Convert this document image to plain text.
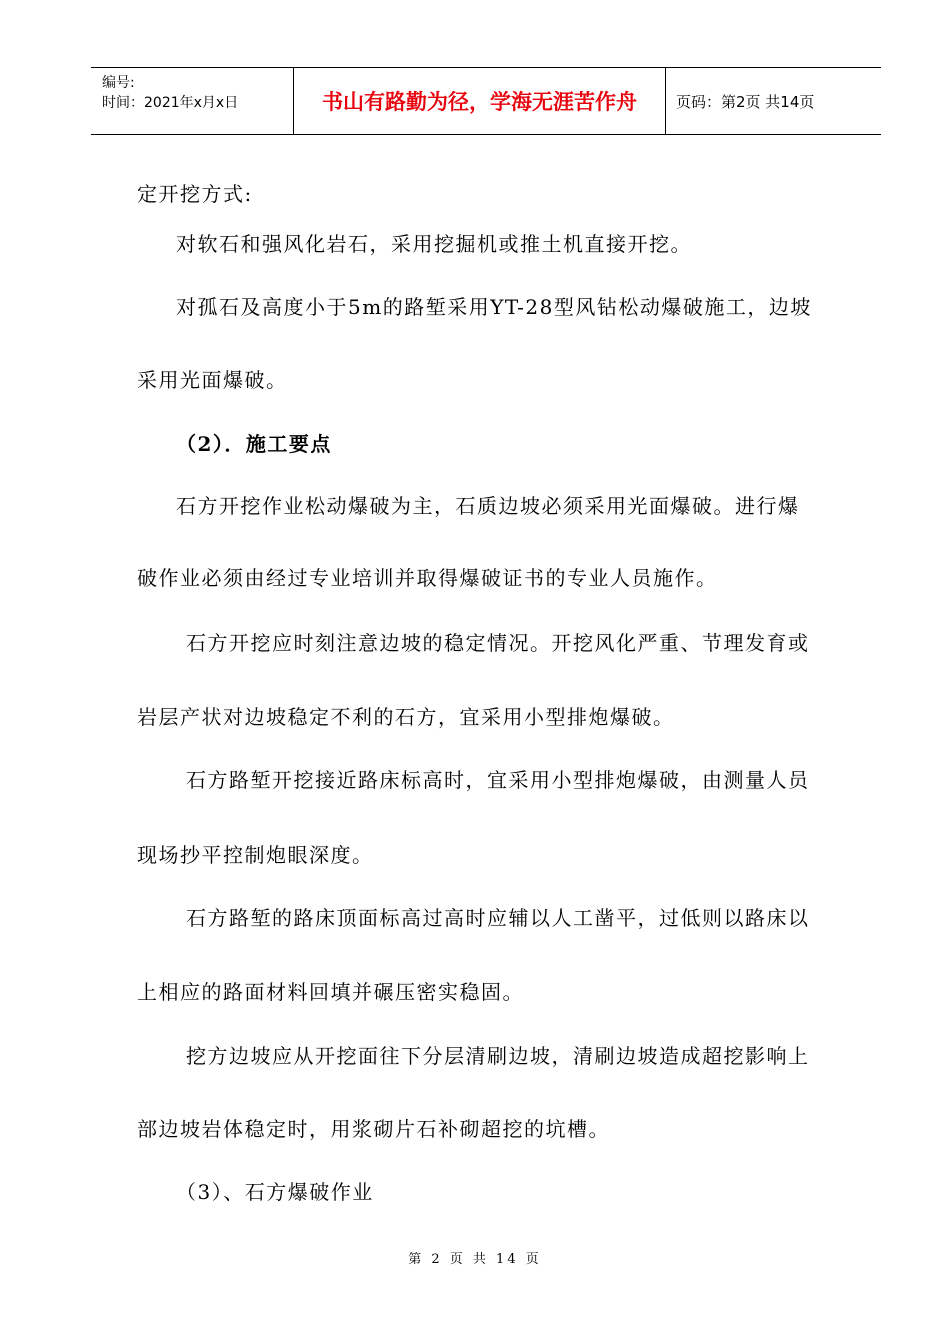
编号:
时间：2021年x月x日	书山有路勤为径，学海无涯苦作舟	页码：第2页 共14页
定开挖方式:
对软石和强风化岩石，采用挖掘机或推土机直接开挖。
对孤石及高度小于5m的路堑采用YT-28型风钻松动爆破施工，边坡
采用光面爆破。
（2）．施工要点
石方开挖作业松动爆破为主，石质边坡必须采用光面爆破。进行爆
破作业必须由经过专业培训并取得爆破证书的专业人员施作。
石方开挖应时刻注意边坡的稳定情况。开挖风化严重、节理发育或
岩层产状对边坡稳定不利的石方，宜采用小型排炮爆破。
石方路堑开挖接近路床标高时，宜采用小型排炮爆破，由测量人员
现场抄平控制炮眼深度。
石方路堑的路床顶面标高过高时应辅以人工凿平，过低则以路床以
上相应的路面材料回填并碾压密实稳固。
挖方边坡应从开挖面往下分层清刷边坡，清刷边坡造成超挖影响上
部边坡岩体稳定时，用浆砌片石补砌超挖的坑槽。
（3）、石方爆破作业
第 2 页 共 14 页
